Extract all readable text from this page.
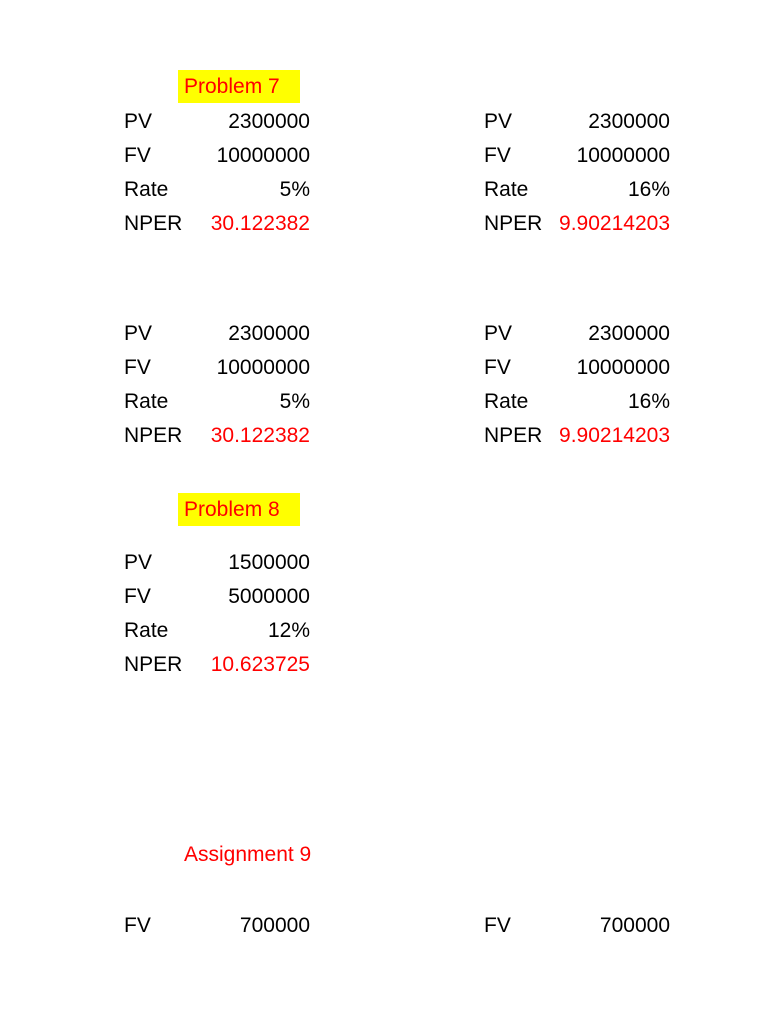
Problem 7
PV	2300000
FV	10000000
Rate	5%
NPER 30.122382
PV	2300000
FV	10000000
Rate	16%
NPER 9.90214203
PV	2300000
FV	10000000
Rate	5%
NPER 30.122382
PV	2300000
FV	10000000
Rate	16%
NPER 9.90214203
Problem 8
PV	1500000
FV	5000000
Rate	12%
NPER 10.623725
Assignment 9
FV	700000	FV	700000
